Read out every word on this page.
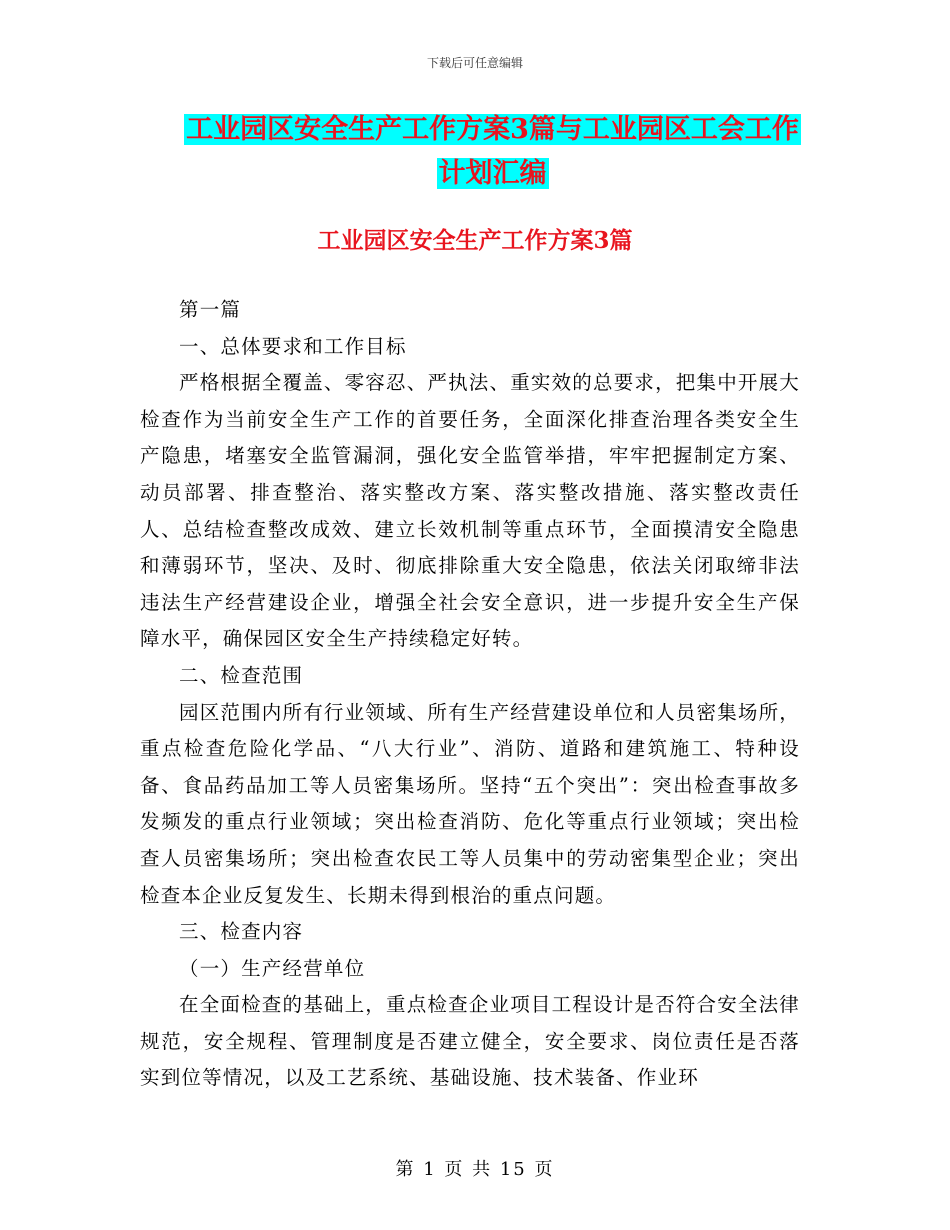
下载后可任意编辑
工业园区安全生产工作方案3篇与工业园区工会工作
计划汇编
工业园区安全生产工作方案3篇

第一篇

一、总体要求和工作目标

严格根据全覆盖、零容忍、严执法、重实效的总要求，把集中开展大检查作为当前安全生产工作的首要任务，全面深化排查治理各类安全生产隐患，堵塞安全监管漏洞，强化安全监管举措，牢牢把握制定方案、动员部署、排查整治、落实整改方案、落实整改措施、落实整改责任人、总结检查整改成效、建立长效机制等重点环节，全面摸清安全隐患和薄弱环节，坚决、及时、彻底排除重大安全隐患，依法关闭取缔非法违法生产经营建设企业，增强全社会安全意识，进一步提升安全生产保障水平，确保园区安全生产持续稳定好转。

二、检查范围

园区范围内所有行业领域、所有生产经营建设单位和人员密集场所，重点检查危险化学品、“八大行业”、消防、道路和建筑施工、特种设备、食品药品加工等人员密集场所。坚持“五个突出”：突出检查事故多发频发的重点行业领域；突出检查消防、危化等重点行业领域；突出检查人员密集场所；突出检查农民工等人员集中的劳动密集型企业；突出检查本企业反复发生、长期未得到根治的重点问题。

三、检查内容

（一）生产经营单位

在全面检查的基础上，重点检查企业项目工程设计是否符合安全法律规范，安全规程、管理制度是否建立健全，安全要求、岗位责任是否落实到位等情况，以及工艺系统、基础设施、技术装备、作业环

第 1 页 共 15 页
